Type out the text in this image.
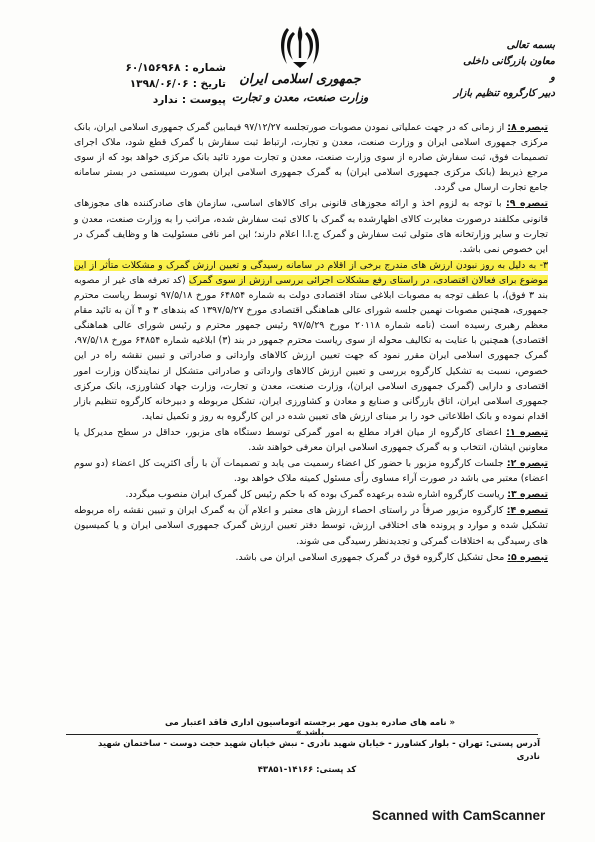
شماره :
۶۰/۱۵۶۹۶۸
تاریخ :
۱۳۹۸/۰۶/۰۶
پیوست :
ندارد
جمهوری اسلامی ایران
وزارت صنعت، معدن و تجارت
بسمه تعالی
معاون بازرگانی داخلی
و
دبیر کارگروه تنظیم بازار

تبصره ۸: از زمانی که در جهت عملیاتی نمودن مصوبات صورتجلسه ۹۷/۱۲/۲۷ فیمابین گمرک جمهوری اسلامی ایران، بانک مرکزی جمهوری اسلامی ایران و وزارت صنعت، معدن و تجارت، ارتباط ثبت سفارش با گمرک قطع شود، ملاک اجرای تصمیمات فوق، ثبت سفارش صادره از سوی وزارت صنعت، معدن و تجارت مورد تائید بانک مرکزی خواهد بود که از سوی مرجع ذیربط (بانک مرکزی جمهوری اسلامی ایران) به گمرک جمهوری اسلامی ایران بصورت سیستمی در بستر سامانه جامع تجارت ارسال می گردد.

تبصره ۹: با توجه به لزوم اخذ و ارائه مجوزهای قانونی برای کالاهای اساسی، سازمان های صادرکننده های مجوزهای قانونی مکلفند درصورت مغایرت کالای اظهارشده به گمرک با کالای ثبت سفارش شده، مراتب را به وزارت صنعت، معدن و تجارت و سایر وزارتخانه های متولی ثبت سفارش و گمرک ج.ا.ا اعلام دارند؛ این امر نافی مسئولیت ها و وظایف گمرک در این خصوص نمی باشد.

۳- به دلیل به روز نبودن ارزش های مندرج برخی از اقلام در سامانه رسیدگی و تعیین ارزش گمرک و مشکلات متأثر از این موضوع برای فعالان اقتصادی، در راستای رفع مشکلات اجرائی بررسی ارزش از سوی گمرک (کد تعرفه های غیر از مصوبه بند ۳ فوق)، با عطف توجه به مصوبات ابلاغی ستاد اقتصادی دولت به شماره ۶۴۸۵۴ مورخ ۹۷/۵/۱۸ توسط ریاست محترم جمهوری، همچنین مصوبات نهمین جلسه شورای عالی هماهنگی اقتصادی مورخ ۱۳۹۷/۵/۲۷ که بندهای ۳ و ۴ آن به تائید مقام معظم رهبری رسیده است (نامه شماره ۲۰۱۱۸ مورخ ۹۷/۵/۲۹ رئیس جمهور محترم و رئیس شورای عالی هماهنگی اقتصادی) همچنین با عنایت به تکالیف محوله از سوی ریاست محترم جمهور در بند (۳) ابلاغیه شماره ۶۴۸۵۴ مورخ ۹۷/۵/۱۸، گمرک جمهوری اسلامی ایران مقرر نمود که جهت تعیین ارزش کالاهای وارداتی و صادراتی و تبیین نقشه راه در این خصوص، نسبت به تشکیل کارگروه بررسی و تعیین ارزش کالاهای وارداتی و صادراتی متشکل از نمایندگان وزارت امور اقتصادی و دارایی (گمرک جمهوری اسلامی ایران)، وزارت صنعت، معدن و تجارت، وزارت جهاد کشاورزی، بانک مرکزی جمهوری اسلامی ایران، اتاق بازرگانی و صنایع و معادن و کشاورزی ایران، تشکل مربوطه و دبیرخانه کارگروه تنظیم بازار اقدام نموده و بانک اطلاعاتی خود را بر مبنای ارزش های تعیین شده در این کارگروه به روز و تکمیل نماید.

تبصره ۱: اعضای کارگروه از میان افراد مطلع به امور گمرکی توسط دستگاه های مزبور، حداقل در سطح مدیرکل یا معاونین ایشان، انتخاب و به گمرک جمهوری اسلامی ایران معرفی خواهند شد.

تبصره ۲: جلسات کارگروه مزبور با حضور کل اعضاء رسمیت می یابد و تصمیمات آن با رأی اکثریت کل اعضاء (دو سوم اعضاء) معتبر می باشد در صورت آراء مساوی رأی مسئول کمیته ملاک خواهد بود.

تبصره ۳: ریاست کارگروه اشاره شده برعهده گمرک بوده که با حکم رئیس کل گمرک ایران منصوب میگردد.

تبصره ۴: کارگروه مزبور صرفاً در راستای احصاء ارزش های معتبر و اعلام آن به گمرک ایران و تبیین نقشه راه مربوطه تشکیل شده و موارد و پرونده های اختلافی ارزش، توسط دفتر تعیین ارزش گمرک جمهوری اسلامی ایران و یا کمیسیون های رسیدگی به اختلافات گمرکی و تجدیدنظر رسیدگی می شوند.

تبصره ۵: محل تشکیل کارگروه فوق در گمرک جمهوری اسلامی ایران می باشد.

« نامه های صادره بدون مهر برجسته اتوماسیون اداری فاقد اعتبار می باشد »
آدرس پستی: تهران - بلوار کشاورز - خیابان شهید نادری - نبش خیابان شهید حجت دوست - ساختمان شهید نادری
کد پستی: ۱۴۱۶۶-۴۳۸۵۱
Scanned with CamScanner
